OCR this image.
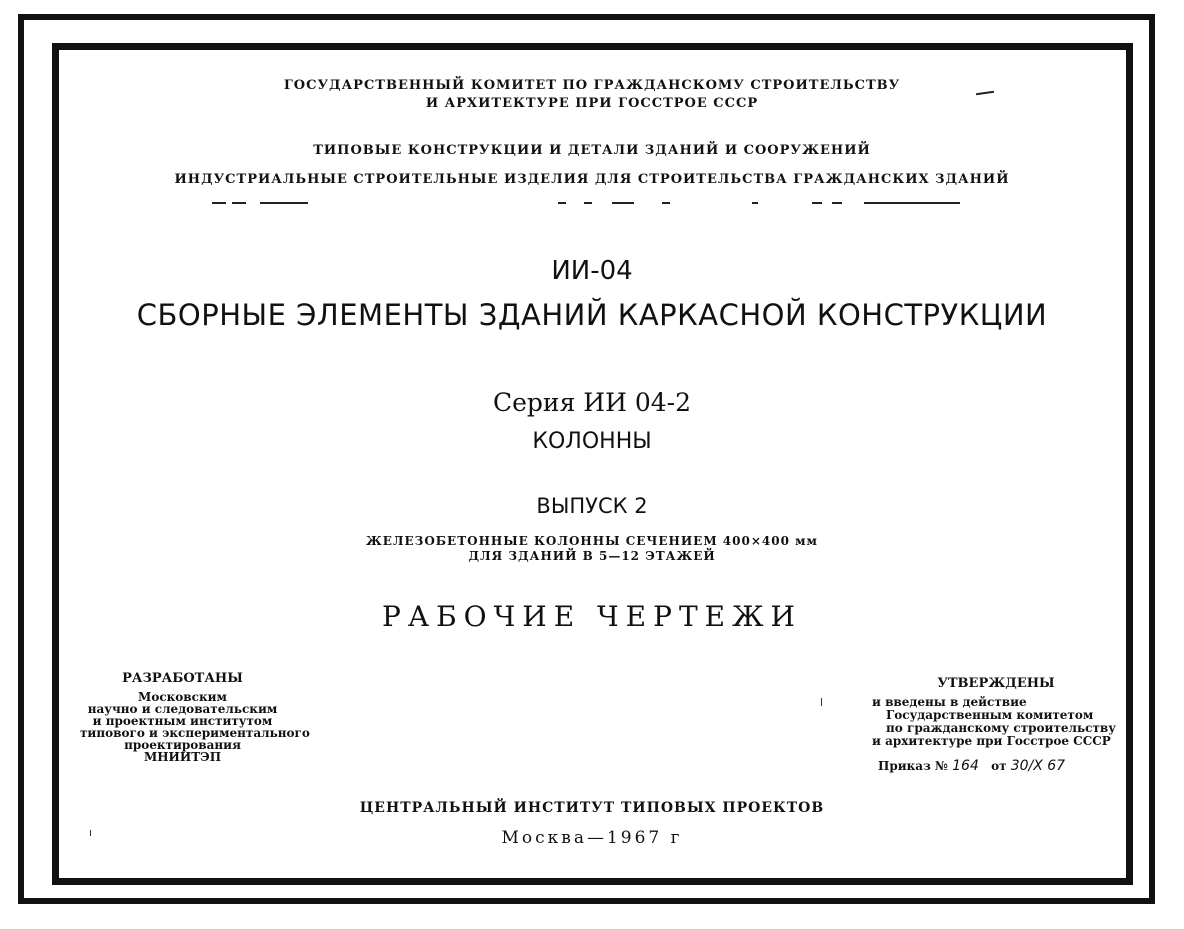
ГОСУДАРСТВЕННЫЙ КОМИТЕТ ПО ГРАЖДАНСКОМУ СТРОИТЕЛЬСТВУ
И АРХИТЕКТУРЕ ПРИ ГОССТРОЕ СССР
ТИПОВЫЕ КОНСТРУКЦИИ И ДЕТАЛИ ЗДАНИЙ И СООРУЖЕНИЙ
ИНДУСТРИАЛЬНЫЕ СТРОИТЕЛЬНЫЕ ИЗДЕЛИЯ ДЛЯ СТРОИТЕЛЬСТВА ГРАЖДАНСКИХ ЗДАНИЙ
ИИ-04
СБОРНЫЕ ЭЛЕМЕНТЫ ЗДАНИЙ КАРКАСНОЙ КОНСТРУКЦИИ
Серия ИИ 04-2
КОЛОННЫ
ВЫПУСК 2
ЖЕЛЕЗОБЕТОННЫЕ КОЛОННЫ СЕЧЕНИЕМ 400×400 мм
ДЛЯ ЗДАНИЙ В 5—12 ЭТАЖЕЙ
РАБОЧИЕ ЧЕРТЕЖИ
РАЗРАБОТАНЫ
Московским
научно и следовательским
и проектным институтом
типового и экспериментального
проектирования
МНИИТЭП
УТВЕРЖДЕНЫ
и введены в действие
Государственным комитетом
по гражданскому строительству
и архитектуре при Госстрое СССР
Приказ № 164 от 30/X 67
ЦЕНТРАЛЬНЫЙ ИНСТИТУТ ТИПОВЫХ ПРОЕКТОВ
Москва—1967 г
